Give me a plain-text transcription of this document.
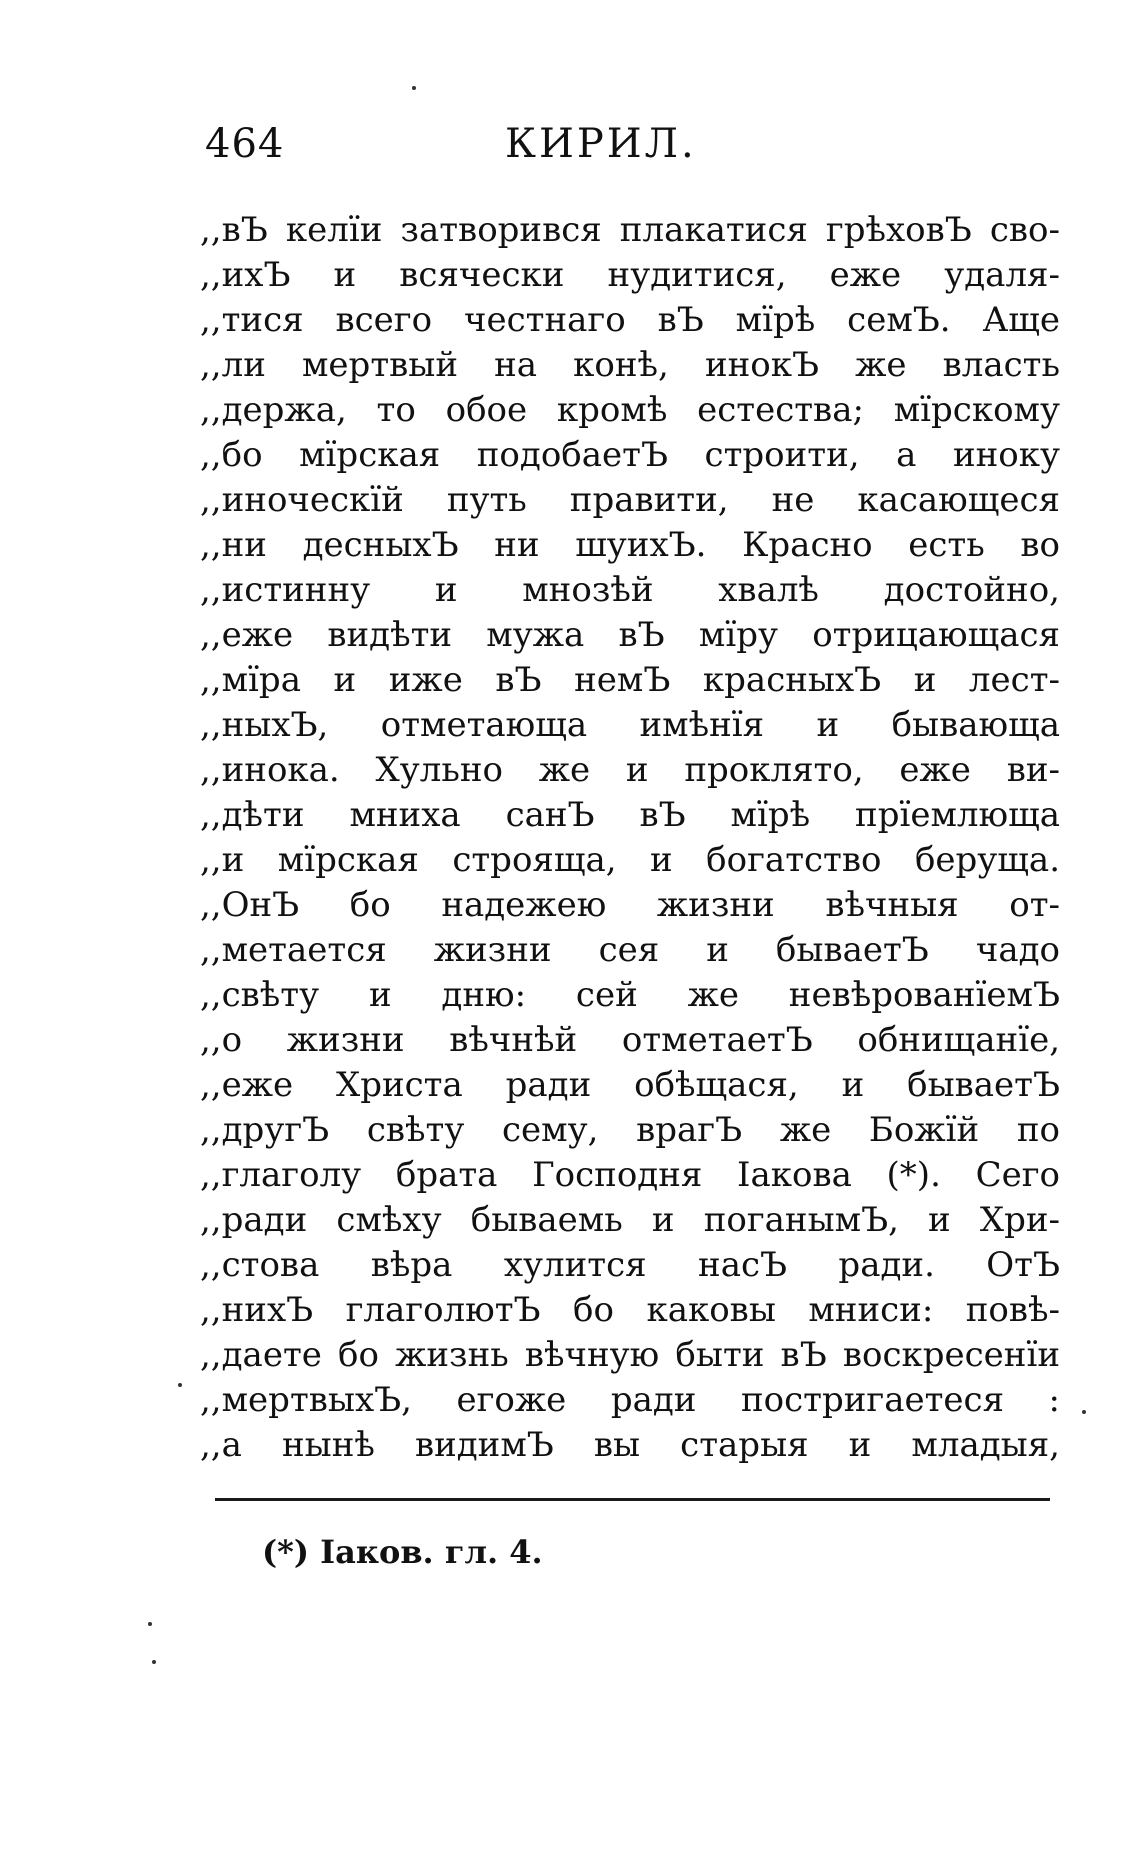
464	КИРИЛ.
,,вЪ келїи затворився плакатися грѣховЪ сво-
,,ихЪ и всячески нудитися, еже удаля-
,,тися всего честнаго вЪ мїрѣ семЪ. Аще
,,ли мертвый на конѣ, инокЪ же власть
,,держа, то обое кромѣ естества; мїрскому
,,бо мїрская подобаетЪ строити, а иноку
,,иноческїй путь правити, не касающеся
,,ни десныхЪ ни шуихЪ. Красно есть во
,,истинну и мнозѣй хвалѣ достойно,
,,еже видѣти мужа вЪ мїру отрицающася
,,мїра и иже вЪ немЪ красныхЪ и лест-
,,ныхЪ, отметающа имѣнїя и бывающа
,,инока. Хульно же и проклято, еже ви-
,,дѣти мниха санЪ вЪ мїрѣ прїемлюща
,,и мїрская строяща, и богатство беруща.
,,ОнЪ бо надежею жизни вѣчныя от-
,,метается жизни сея и бываетЪ чадо
,,свѣту и дню: сей же невѣрованїемЪ
,,о жизни вѣчнѣй отметаетЪ обнищанїе,
,,еже Христа ради обѣщася, и бываетЪ
,,другЪ свѣту сему, врагЪ же Божїй по
,,глаголу брата Господня Іакова (*). Сего
,,ради смѣху бываемь и поганымЪ, и Хри-
,,стова вѣра хулится насЪ ради. ОтЪ
,,нихЪ глаголютЪ бо каковы мниси: повѣ-
,,даете бо жизнь вѣчную быти вЪ воскресенїи
,,мертвыхЪ, егоже ради постригаетеся :
,,а нынѣ видимЪ вы старыя и младыя,
(*) Іаков. гл. 4.
